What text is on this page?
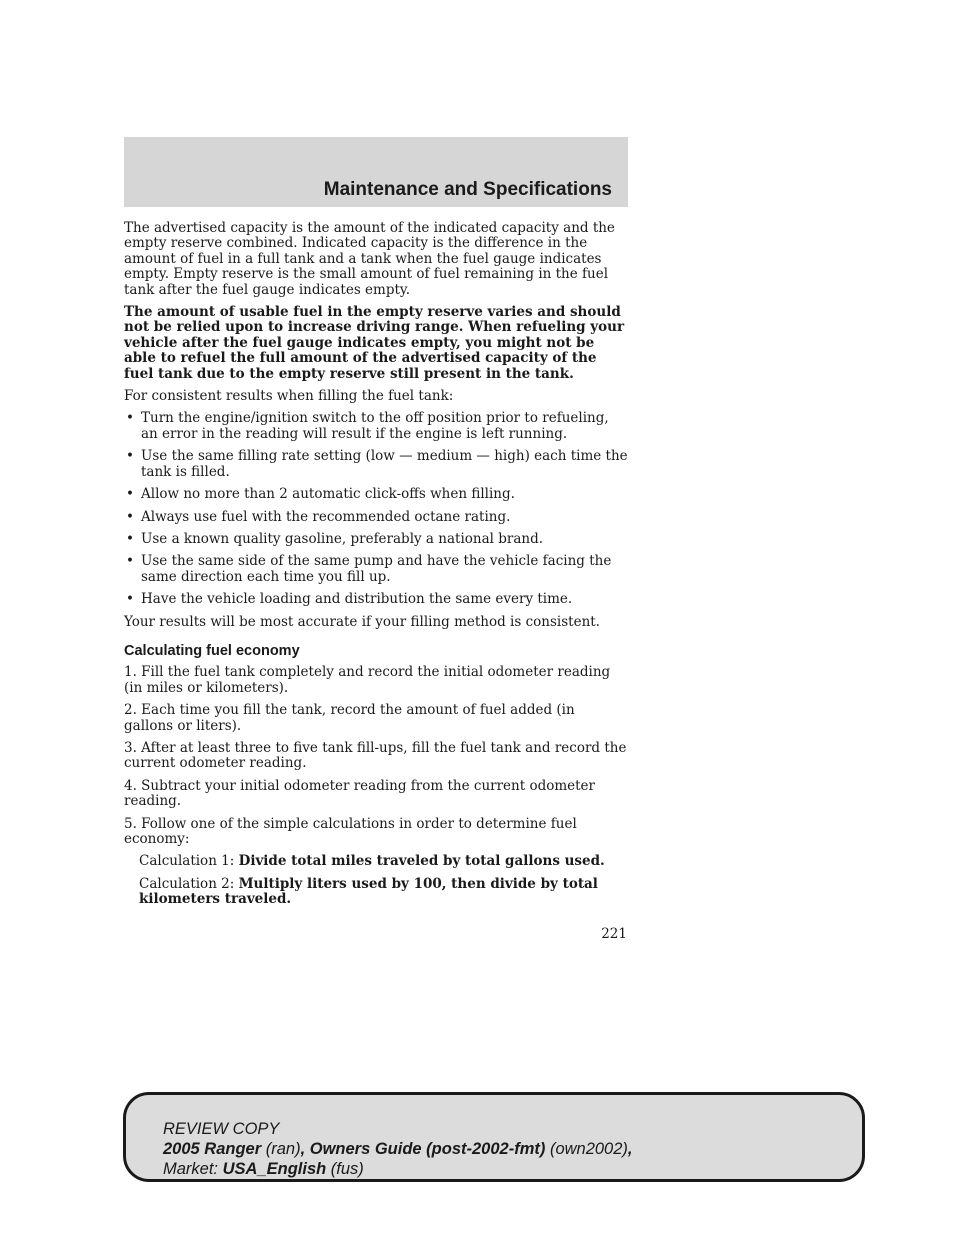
Maintenance and Specifications

The advertised capacity is the amount of the indicated capacity and the empty reserve combined. Indicated capacity is the difference in the amount of fuel in a full tank and a tank when the fuel gauge indicates empty. Empty reserve is the small amount of fuel remaining in the fuel tank after the fuel gauge indicates empty.

The amount of usable fuel in the empty reserve varies and should not be relied upon to increase driving range. When refueling your vehicle after the fuel gauge indicates empty, you might not be able to refuel the full amount of the advertised capacity of the fuel tank due to the empty reserve still present in the tank.

For consistent results when filling the fuel tank:

• Turn the engine/ignition switch to the off position prior to refueling, an error in the reading will result if the engine is left running.
• Use the same filling rate setting (low — medium — high) each time the tank is filled.
• Allow no more than 2 automatic click-offs when filling.
• Always use fuel with the recommended octane rating.
• Use a known quality gasoline, preferably a national brand.
• Use the same side of the same pump and have the vehicle facing the same direction each time you fill up.
• Have the vehicle loading and distribution the same every time.

Your results will be most accurate if your filling method is consistent.

Calculating fuel economy

1. Fill the fuel tank completely and record the initial odometer reading (in miles or kilometers).

2. Each time you fill the tank, record the amount of fuel added (in gallons or liters).

3. After at least three to five tank fill-ups, fill the fuel tank and record the current odometer reading.

4. Subtract your initial odometer reading from the current odometer reading.

5. Follow one of the simple calculations in order to determine fuel economy:

Calculation 1: Divide total miles traveled by total gallons used.

Calculation 2: Multiply liters used by 100, then divide by total kilometers traveled.

221
REVIEW COPY
2005 Ranger (ran), Owners Guide (post-2002-fmt) (own2002),
Market: USA_English (fus)
